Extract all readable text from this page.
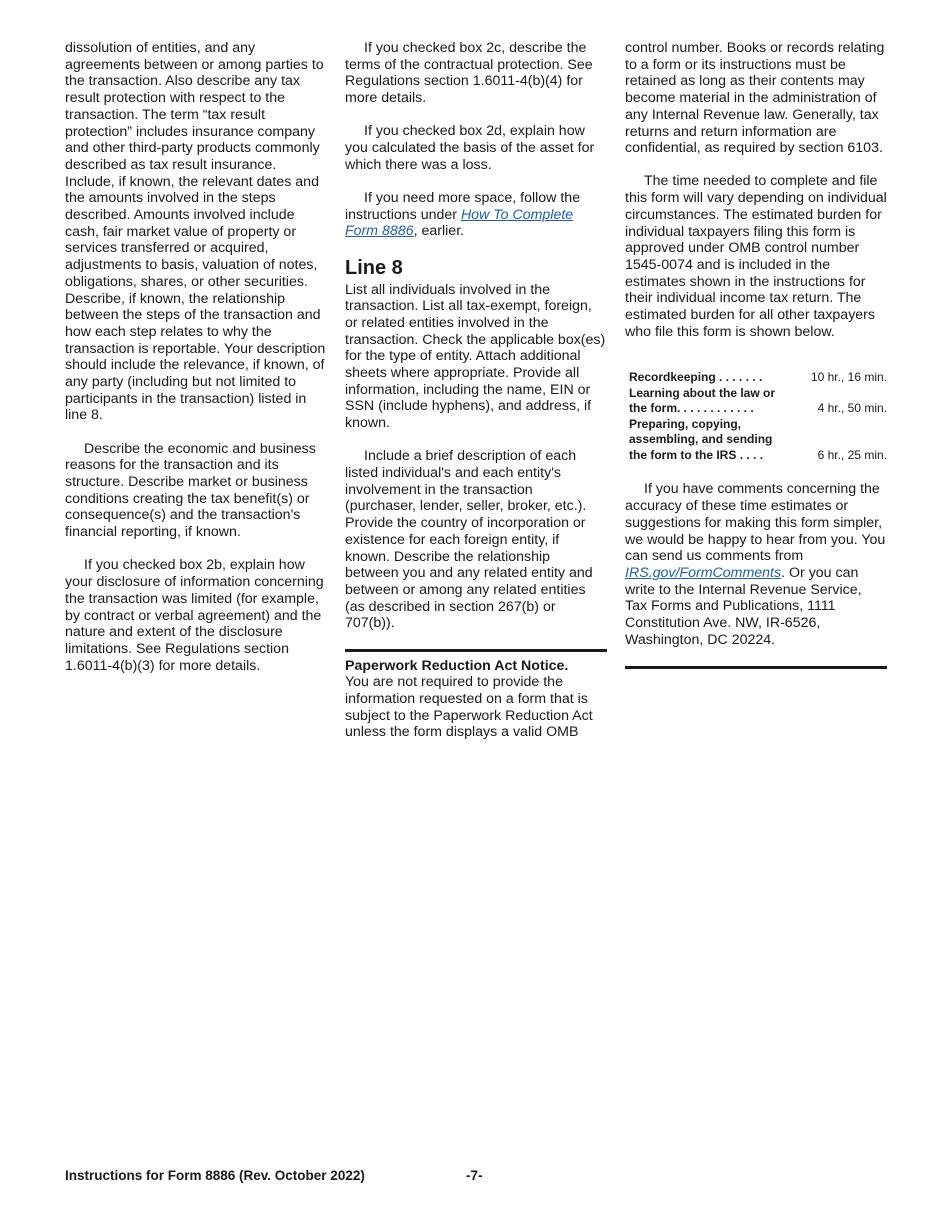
dissolution of entities, and any agreements between or among parties to the transaction. Also describe any tax result protection with respect to the transaction. The term “tax result protection” includes insurance company and other third-party products commonly described as tax result insurance. Include, if known, the relevant dates and the amounts involved in the steps described. Amounts involved include cash, fair market value of property or services transferred or acquired, adjustments to basis, valuation of notes, obligations, shares, or other securities. Describe, if known, the relationship between the steps of the transaction and how each step relates to why the transaction is reportable. Your description should include the relevance, if known, of any party (including but not limited to participants in the transaction) listed in line 8.

Describe the economic and business reasons for the transaction and its structure. Describe market or business conditions creating the tax benefit(s) or consequence(s) and the transaction's financial reporting, if known.

If you checked box 2b, explain how your disclosure of information concerning the transaction was limited (for example, by contract or verbal agreement) and the nature and extent of the disclosure limitations. See Regulations section 1.6011-4(b)(3) for more details.

If you checked box 2c, describe the terms of the contractual protection. See Regulations section 1.6011-4(b)(4) for more details.

If you checked box 2d, explain how you calculated the basis of the asset for which there was a loss.

If you need more space, follow the instructions under How To Complete Form 8886, earlier.

Line 8

List all individuals involved in the transaction. List all tax-exempt, foreign, or related entities involved in the transaction. Check the applicable box(es) for the type of entity. Attach additional sheets where appropriate. Provide all information, including the name, EIN or SSN (include hyphens), and address, if known.

Include a brief description of each listed individual's and each entity's involvement in the transaction (purchaser, lender, seller, broker, etc.). Provide the country of incorporation or existence for each foreign entity, if known. Describe the relationship between you and any related entity and between or among any related entities (as described in section 267(b) or 707(b)).

Paperwork Reduction Act Notice.
You are not required to provide the information requested on a form that is subject to the Paperwork Reduction Act unless the form displays a valid OMB

control number. Books or records relating to a form or its instructions must be retained as long as their contents may become material in the administration of any Internal Revenue law. Generally, tax returns and return information are confidential, as required by section 6103.

The time needed to complete and file this form will vary depending on individual circumstances. The estimated burden for individual taxpayers filing this form is approved under OMB control number 1545-0074 and is included in the estimates shown in the instructions for their individual income tax return. The estimated burden for all other taxpayers who file this form is shown below.

Recordkeeping . . . . . . .	10 hr., 16 min.
Learning about the law or
the form. . . . . . . . . . . .	4 hr., 50 min.
Preparing, copying,
assembling, and sending
the form to the IRS . . . .	6 hr., 25 min.

If you have comments concerning the accuracy of these time estimates or suggestions for making this form simpler, we would be happy to hear from you. You can send us comments from IRS.gov/FormComments. Or you can write to the Internal Revenue Service, Tax Forms and Publications, 1111 Constitution Ave. NW, IR-6526, Washington, DC 20224.

Instructions for Form 8886 (Rev. October 2022)	-7-
